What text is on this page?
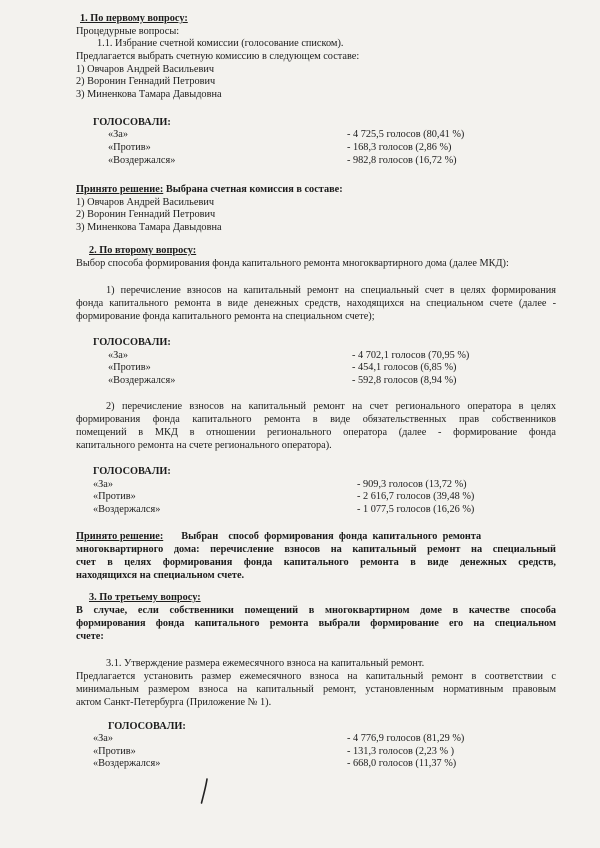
1. По первому вопросу:
Процедурные вопросы:
1.1. Избрание счетной комиссии (голосование списком).
Предлагается выбрать счетную комиссию в следующем составе:
1) Овчаров Андрей Васильевич
2) Воронин Геннадий Петрович
3) Миненкова Тамара Давыдовна
ГОЛОСОВАЛИ:
«За»
«Против»
«Воздержался»
- 4 725,5 голосов (80,41 %)
- 168,3 голосов (2,86 %)
- 982,8 голосов (16,72 %)
Принято решение: Выбрана счетная комиссия в составе:
1) Овчаров Андрей Васильевич
2) Воронин Геннадий Петрович
3) Миненкова Тамара Давыдовна
2. По второму вопросу:
Выбор способа формирования фонда капитального ремонта многоквартирного дома (далее МКД):
1) перечисление взносов на капитальный ремонт на специальный счет в целях формирования
фонда капитального ремонта в виде денежных средств, находящихся на специальном счете (далее -
формирование фонда капитального ремонта на специальном счете);
ГОЛОСОВАЛИ:
«За»
«Против»
«Воздержался»
- 4 702,1 голосов (70,95 %)
- 454,1 голосов (6,85 %)
- 592,8 голосов (8,94 %)
2) перечисление взносов на капитальный ремонт на счет регионального оператора в целях
формирования фонда капитального ремонта в виде обязательственных прав собственников
помещений в МКД в отношении регионального оператора (далее - формирование фонда
капитального ремонта на счете регионального оператора).
ГОЛОСОВАЛИ:
«За»
«Против»
«Воздержался»
- 909,3 голосов (13,72 %)
- 2 616,7 голосов (39,48 %)
- 1 077,5 голосов (16,26 %)
Принято решение:       Выбран    способ  формирования  фонда  капитального  ремонта
многоквартирного дома: перечисление взносов на капитальный ремонт на специальный
счет в целях формирования фонда капитального ремонта в виде денежных средств,
находящихся на специальном счете.
3. По третьему вопросу:
В случае, если собственники помещений в многоквартирном доме в качестве способа
формирования фонда капитального ремонта выбрали формирование его на специальном
счете:
3.1. Утверждение размера ежемесячного взноса на капитальный ремонт.
Предлагается установить размер ежемесячного взноса на капитальный ремонт в соответствии с
минимальным размером взноса на капитальный ремонт, установленным нормативным правовым
актом Санкт-Петербурга (Приложение № 1).
ГОЛОСОВАЛИ:
«За»
«Против»
«Воздержался»
- 4 776,9 голосов (81,29 %)
- 131,3 голосов (2,23 % )
- 668,0 голосов (11,37 %)
